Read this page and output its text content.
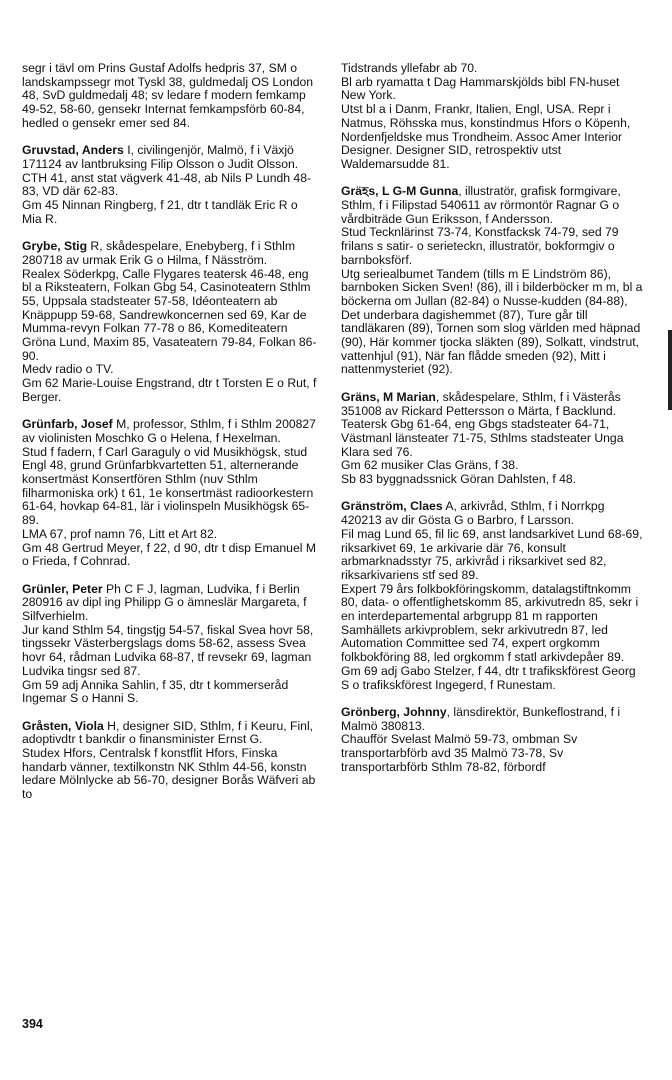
segr i tävl om Prins Gustaf Adolfs hedpris 37, SM o landskampssegr mot Tyskl 38, guldmedalj OS London 48, SvD guldmedalj 48; sv ledare f modern femkamp 49-52, 58-60, gensekr Internat femkampsförb 60-84, hedled o gensekr emer sed 84.

Gruvstad, Anders I, civilingenjör, Malmö, f i Växjö 171124 av lantbruksing Filip Olsson o Judit Olsson.

CTH 41, anst stat vägverk 41-48, ab Nils P Lundh 48-83, VD där 62-83.

Gm 45 Ninnan Ringberg, f 21, dtr t tandläk Eric R o Mia R.

Grybe, Stig R, skådespelare, Enebyberg, f i Sthlm 280718 av urmak Erik G o Hilma, f Näsström.

Realex Söderkpg, Calle Flygares teatersk 46-48, eng bl a Riksteatern, Folkan Gbg 54, Casinoteatern Sthlm 55, Uppsala stadsteater 57-58, Idéonteatern ab Knäppupp 59-68, Sandrewkoncernen sed 69, Kar de Mumma-revyn Folkan 77-78 o 86, Komediteatern Gröna Lund, Maxim 85, Vasateatern 79-84, Folkan 86-90.

Medv radio o TV.

Gm 62 Marie-Louise Engstrand, dtr t Torsten E o Rut, f Berger.

Grünfarb, Josef M, professor, Sthlm, f i Sthlm 200827 av violinisten Moschko G o Helena, f Hexelman.

Stud f fadern, f Carl Garaguly o vid Musikhögsk, stud Engl 48, grund Grünfarbkvartetten 51, alternerande konsertmäst Konsertfören Sthlm (nuv Sthlm filharmoniska ork) t 61, 1e konsertmäst radioorkestern 61-64, hovkap 64-81, lär i violinspeln Musikhögsk 65-89.

LMA 67, prof namn 76, Litt et Art 82.

Gm 48 Gertrud Meyer, f 22, d 90, dtr t disp Emanuel M o Frieda, f Cohnrad.

Grünler, Peter Ph C F J, lagman, Ludvika, f i Berlin 280916 av dipl ing Philipp G o ämneslär Margareta, f Silfverhielm.

Jur kand Sthlm 54, tingstjg 54-57, fiskal Svea hovr 58, tingssekr Västerbergslags doms 58-62, assess Svea hovr 64, rådman Ludvika 68-87, tf revsekr 69, lagman Ludvika tingsr sed 87.

Gm 59 adj Annika Sahlin, f 35, dtr t kommerseråd Ingemar S o Hanni S.

Gråsten, Viola H, designer SID, Sthlm, f i Keuru, Finl, adoptivdtr t bankdir o finansminister Ernst G.

Studex Hfors, Centralsk f konstflit Hfors, Finska handarb vänner, textilkonstn NK Sthlm 44-56, konstn ledare Mölnlycke ab 56-70, designer Borås Wäfveri ab to

Tidstrands yllefabr ab 70.

Bl arb ryamatta t Dag Hammarskjölds bibl FN-huset New York.

Utst bl a i Danm, Frankr, Italien, Engl, USA. Repr i Natmus, Röhsska mus, konstindmus Hfors o Köpenh, Nordenfjeldske mus Trondheim. Assoc Amer Interior Designer. Designer SID, retrospektiv utst Waldemarsudde 81.

Gräহs, L G-M Gunna, illustratör, grafisk formgivare, Sthlm, f i Filipstad 540611 av rörmontör Ragnar G o vårdbiträde Gun Eriksson, f Andersson.

Stud Tecknlärinst 73-74, Konstfacksk 74-79, sed 79 frilans s satir- o serieteckn, illustratör, bokformgiv o barnboksförf.

Utg seriealbumet Tandem (tills m E Lindström 86), barnboken Sicken Sven! (86), ill i bilderböcker m m, bl a böckerna om Jullan (82-84) o Nusse-kudden (84-88), Det underbara dagishemmet (87), Ture går till tandläkaren (89), Tornen som slog världen med häpnad (90), Här kommer tjocka släkten (89), Solkatt, vindstrut, vattenhjul (91), När fan flådde smeden (92), Mitt i nattenmysteriet (92).

Gräns, M Marian, skådespelare, Sthlm, f i Västerås 351008 av Rickard Pettersson o Märta, f Backlund.

Teatersk Gbg 61-64, eng Gbgs stadsteater 64-71, Västmanl länsteater 71-75, Sthlms stadsteater Unga Klara sed 76.

Gm 62 musiker Clas Gräns, f 38.

Sb 83 byggnadssnick Göran Dahlsten, f 48.

Gränström, Claes A, arkivråd, Sthlm, f i Norrkpg 420213 av dir Gösta G o Barbro, f Larsson.

Fil mag Lund 65, fil lic 69, anst landsarkivet Lund 68-69, riksarkivet 69, 1e arkivarie där 76, konsult arbmarknadsstyr 75, arkivråd i riksarkivet sed 82, riksarkivariens stf sed 89.

Expert 79 års folkbokföringskomm, datalagstiftnkomm 80, data- o offentlighetskomm 85, arkivutredn 85, sekr i en interdepartemental arbgrupp 81 m rapporten Samhällets arkivproblem, sekr arkivutredn 87, led Automation Committee sed 74, expert orgkomm folkbokföring 88, led orgkomm f statl arkivdepåer 89.

Gm 69 adj Gabo Stelzer, f 44, dtr t trafikskförest Georg S o trafikskförest Ingegerd, f Runestam.

Grönberg, Johnny, länsdirektör, Bunkeflostrand, f i Malmö 380813.

Chaufför Svelast Malmö 59-73, ombman Sv transportarbförb avd 35 Malmö 73-78, Sv transportarbförb Sthlm 78-82, förbordf

394
